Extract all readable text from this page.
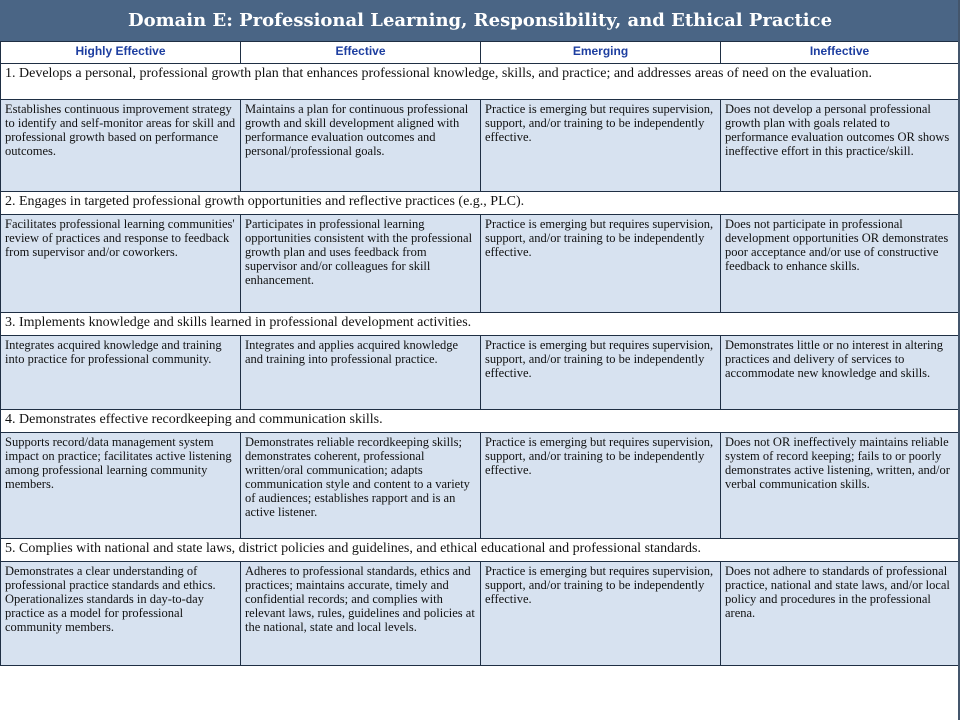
Domain E: Professional Learning, Responsibility, and Ethical Practice
Highly Effective	Effective	Emerging	Ineffective
1. Develops a personal, professional growth plan that enhances professional knowledge, skills, and practice; and addresses areas of need on the evaluation.			
Establishes continuous improvement strategy to identify and self-monitor areas for skill and professional growth based on performance outcomes.	Maintains a plan for continuous professional growth and skill development aligned with performance evaluation outcomes and personal/professional goals.	Practice is emerging but requires supervision, support, and/or training to be independently effective.	Does not develop a personal professional growth plan with goals related to performance evaluation outcomes OR shows ineffective effort in this practice/skill.
2. Engages in targeted professional growth opportunities and reflective practices (e.g., PLC).			
Facilitates professional learning communities' review of practices and response to feedback from supervisor and/or coworkers.	Participates in professional learning opportunities consistent with the professional growth plan and uses feedback from supervisor and/or colleagues for skill enhancement.	Practice is emerging but requires supervision, support, and/or training to be independently effective.	Does not participate in professional development opportunities OR demonstrates poor acceptance and/or use of constructive feedback to enhance skills.
3. Implements knowledge and skills learned in professional development activities.			
Integrates acquired knowledge and training into practice for professional community.	Integrates and applies acquired knowledge and training into professional practice.	Practice is emerging but requires supervision, support, and/or training to be independently effective.	Demonstrates little or no interest in altering practices and delivery of services to accommodate new knowledge and skills.
4. Demonstrates effective recordkeeping and communication skills.			
Supports record/data management system impact on practice; facilitates active listening among professional learning community members.	Demonstrates reliable recordkeeping skills; demonstrates coherent, professional written/oral communication; adapts communication style and content to a variety of audiences; establishes rapport and is an active listener.	Practice is emerging but requires supervision, support, and/or training to be independently effective.	Does not OR ineffectively maintains reliable system of record keeping; fails to or poorly demonstrates active listening, written, and/or verbal communication skills.
5. Complies with national and state laws, district policies and guidelines, and ethical educational and professional standards.			
Demonstrates a clear understanding of professional practice standards and ethics. Operationalizes standards in day-to-day practice as a model for professional community members.	Adheres to professional standards, ethics and practices; maintains accurate, timely and confidential records; and complies with relevant laws, rules, guidelines and policies at the national, state and local levels.	Practice is emerging but requires supervision, support, and/or training to be independently effective.	Does not adhere to standards of professional practice, national and state laws, and/or local policy and procedures in the professional arena.
